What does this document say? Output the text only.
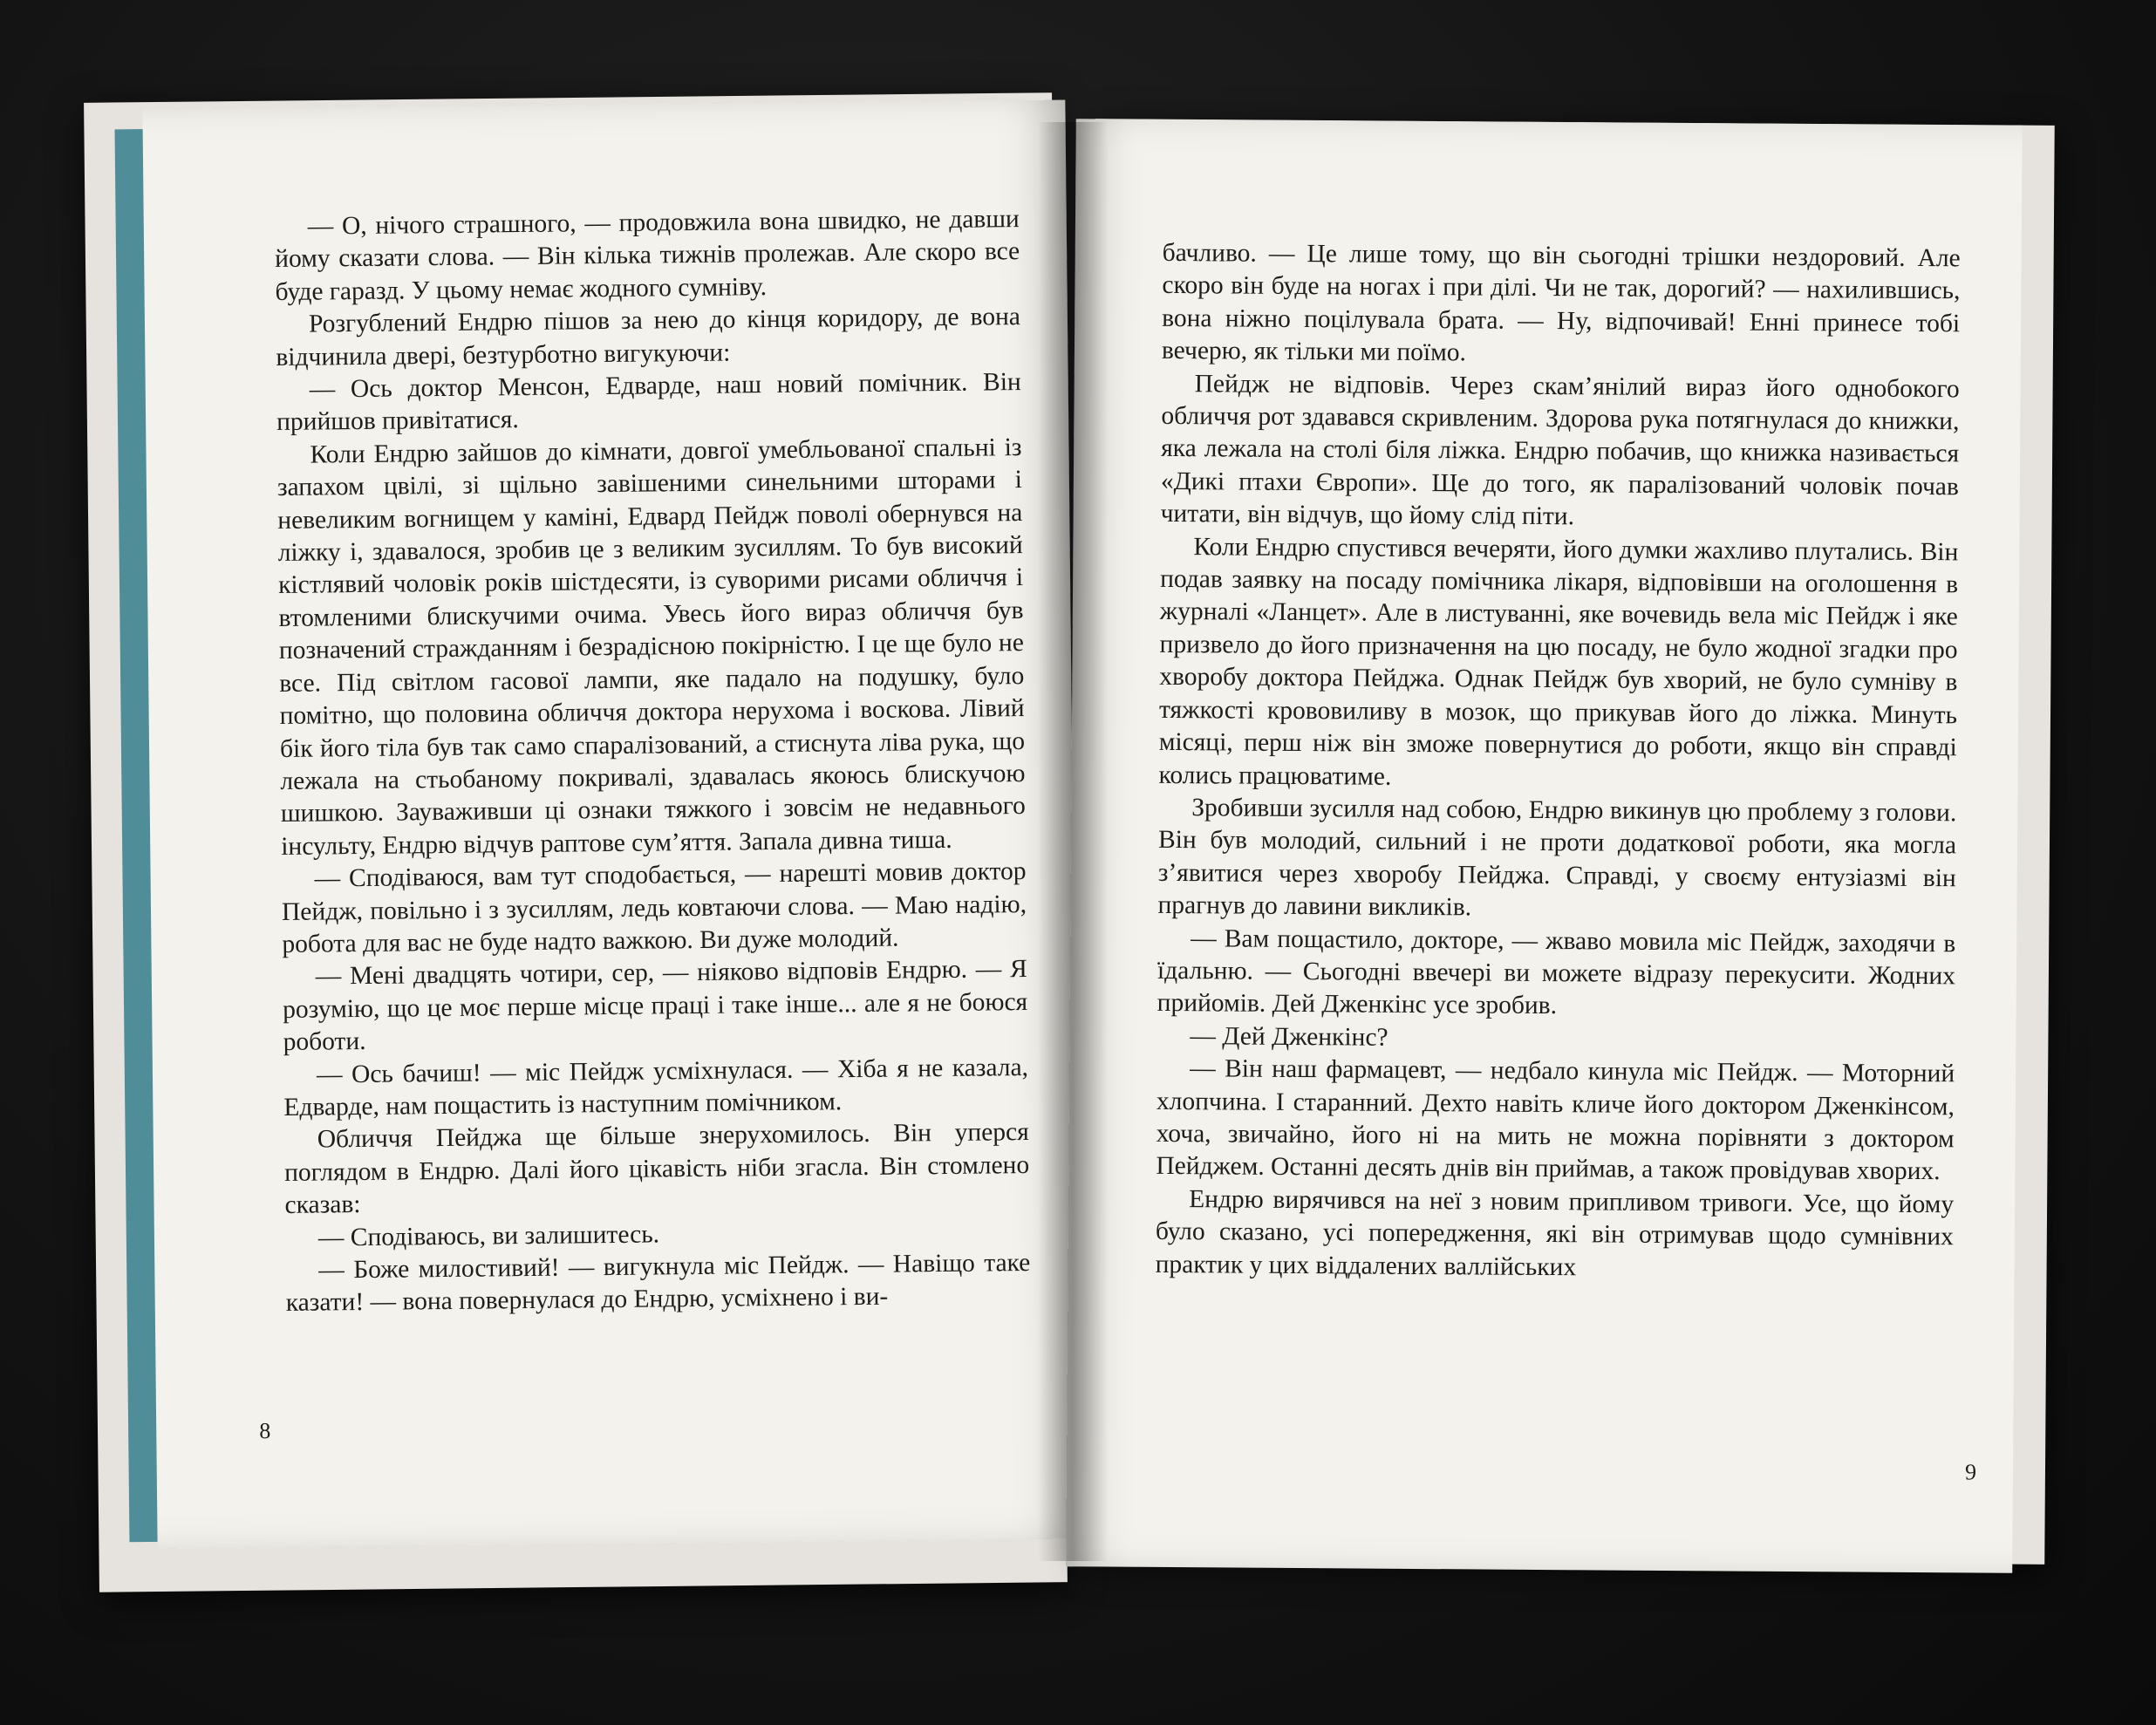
— О, нічого страшного, — продовжила вона швидко, не давши йому сказати слова. — Він кілька тижнів пролежав. Але скоро все буде гаразд. У цьому немає жодного сумніву.

Розгублений Ендрю пішов за нею до кінця коридору, де вона відчинила двері, безтурботно вигукуючи:

— Ось доктор Менсон, Едварде, наш новий помічник. Він прийшов привітатися.

Коли Ендрю зайшов до кімнати, довгої умебльованої спальні із запахом цвілі, зі щільно завішеними синельними шторами і невеликим вогнищем у каміні, Едвард Пейдж поволі обернувся на ліжку і, здавалося, зробив це з великим зусиллям. То був високий кістлявий чоловік років шістдесяти, із суворими рисами обличчя і втомленими блискучими очима. Увесь його вираз обличчя був позначений стражданням і безрадісною покірністю. І це ще було не все. Під світлом гасової лампи, яке падало на подушку, було помітно, що половина обличчя доктора нерухома і воскова. Лівий бік його тіла був так само спаралізований, а стиснута ліва рука, що лежала на стьобаному покривалі, здавалась якоюсь блискучою шишкою. Зауваживши ці ознаки тяжкого і зовсім не недавнього інсульту, Ендрю відчув раптове сум’яття. Запала дивна тиша.

— Сподіваюся, вам тут сподобається, — нарешті мовив доктор Пейдж, повільно і з зусиллям, ледь ковтаючи слова. — Маю надію, робота для вас не буде надто важкою. Ви дуже молодий.

— Мені двадцять чотири, сер, — ніяково відповів Ендрю. — Я розумію, що це моє перше місце праці і таке інше... але я не боюся роботи.

— Ось бачиш! — міс Пейдж усміхнулася. — Хіба я не казала, Едварде, нам пощастить із наступним помічником.

Обличчя Пейджа ще більше знерухомилось. Він уперся поглядом в Ендрю. Далі його цікавість ніби згасла. Він стомлено сказав:

— Сподіваюсь, ви залишитесь.

— Боже милостивий! — вигукнула міс Пейдж. — Навіщо таке казати! — вона повернулася до Ендрю, усміхнено і ви-

8

бачливо. — Це лише тому, що він сьогодні трішки нездоровий. Але скоро він буде на ногах і при ділі. Чи не так, дорогий? — нахилившись, вона ніжно поцілувала брата. — Ну, відпочивай! Енні принесе тобі вечерю, як тільки ми поїмо.

Пейдж не відповів. Через скам’янілий вираз його однобокого обличчя рот здавався скривленим. Здорова рука потягнулася до книжки, яка лежала на столі біля ліжка. Ендрю побачив, що книжка називається «Дикі птахи Європи». Ще до того, як паралізований чоловік почав читати, він відчув, що йому слід піти.

Коли Ендрю спустився вечеряти, його думки жахливо плутались. Він подав заявку на посаду помічника лікаря, відповівши на оголошення в журналі «Ланцет». Але в листуванні, яке вочевидь вела міс Пейдж і яке призвело до його призначення на цю посаду, не було жодної згадки про хворобу доктора Пейджа. Однак Пейдж був хворий, не було сумніву в тяжкості крововиливу в мозок, що прикував його до ліжка. Минуть місяці, перш ніж він зможе повернутися до роботи, якщо він справді колись працюватиме.

Зробивши зусилля над собою, Ендрю викинув цю проблему з голови. Він був молодий, сильний і не проти додаткової роботи, яка могла з’явитися через хворобу Пейджа. Справді, у своєму ентузіазмі він прагнув до лавини викликів.

— Вам пощастило, докторе, — жваво мовила міс Пейдж, заходячи в їдальню. — Сьогодні ввечері ви можете відразу перекусити. Жодних прийомів. Дей Дженкінс усе зробив.

— Дей Дженкінс?

— Він наш фармацевт, — недбало кинула міс Пейдж. — Моторний хлопчина. І старанний. Дехто навіть кличе його доктором Дженкінсом, хоча, звичайно, його ні на мить не можна порівняти з доктором Пейджем. Останні десять днів він приймав, а також провідував хворих.

Ендрю вирячився на неї з новим припливом тривоги. Усе, що йому було сказано, усі попередження, які він отримував щодо сумнівних практик у цих віддалених валлійських

9
